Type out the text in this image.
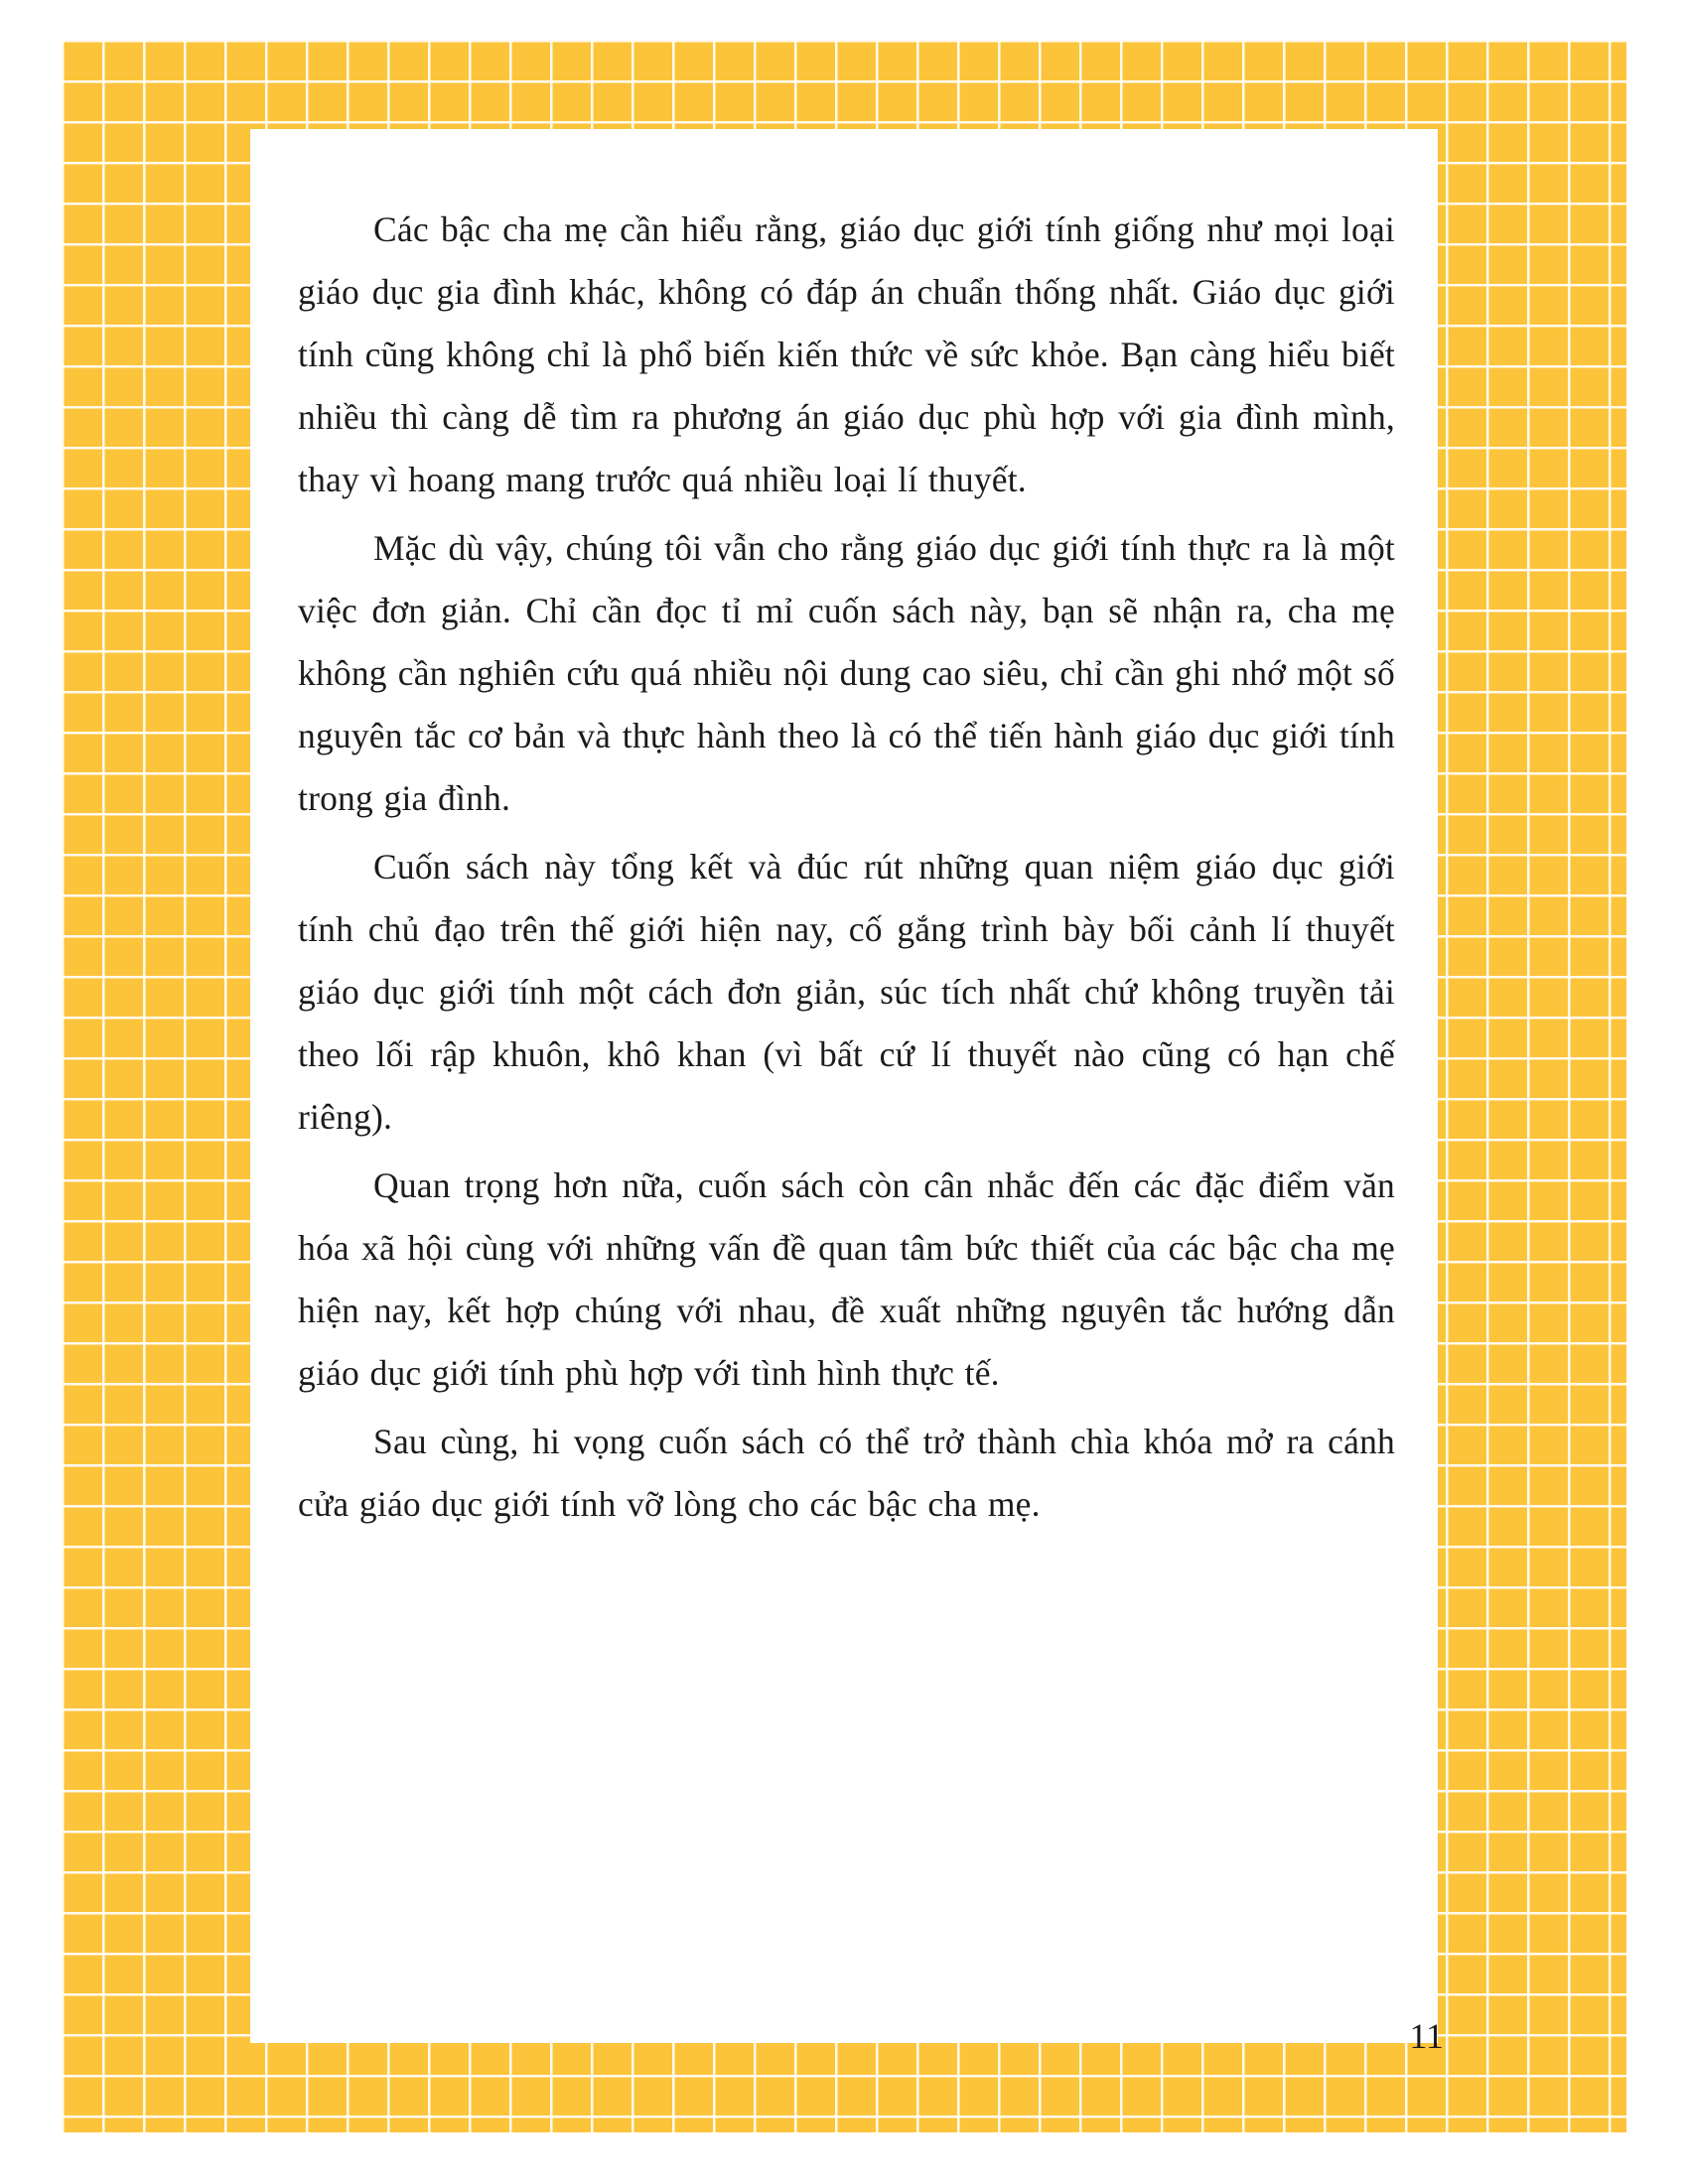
Các bậc cha mẹ cần hiểu rằng, giáo dục giới tính giống như mọi loại giáo dục gia đình khác, không có đáp án chuẩn thống nhất. Giáo dục giới tính cũng không chỉ là phổ biến kiến thức về sức khỏe. Bạn càng hiểu biết nhiều thì càng dễ tìm ra phương án giáo dục phù hợp với gia đình mình, thay vì hoang mang trước quá nhiều loại lí thuyết.

Mặc dù vậy, chúng tôi vẫn cho rằng giáo dục giới tính thực ra là một việc đơn giản. Chỉ cần đọc tỉ mỉ cuốn sách này, bạn sẽ nhận ra, cha mẹ không cần nghiên cứu quá nhiều nội dung cao siêu, chỉ cần ghi nhớ một số nguyên tắc cơ bản và thực hành theo là có thể tiến hành giáo dục giới tính trong gia đình.

Cuốn sách này tổng kết và đúc rút những quan niệm giáo dục giới tính chủ đạo trên thế giới hiện nay, cố gắng trình bày bối cảnh lí thuyết giáo dục giới tính một cách đơn giản, súc tích nhất chứ không truyền tải theo lối rập khuôn, khô khan (vì bất cứ lí thuyết nào cũng có hạn chế riêng).

Quan trọng hơn nữa, cuốn sách còn cân nhắc đến các đặc điểm văn hóa xã hội cùng với những vấn đề quan tâm bức thiết của các bậc cha mẹ hiện nay, kết hợp chúng với nhau, đề xuất những nguyên tắc hướng dẫn giáo dục giới tính phù hợp với tình hình thực tế.

Sau cùng, hi vọng cuốn sách có thể trở thành chìa khóa mở ra cánh cửa giáo dục giới tính vỡ lòng cho các bậc cha mẹ.

11
